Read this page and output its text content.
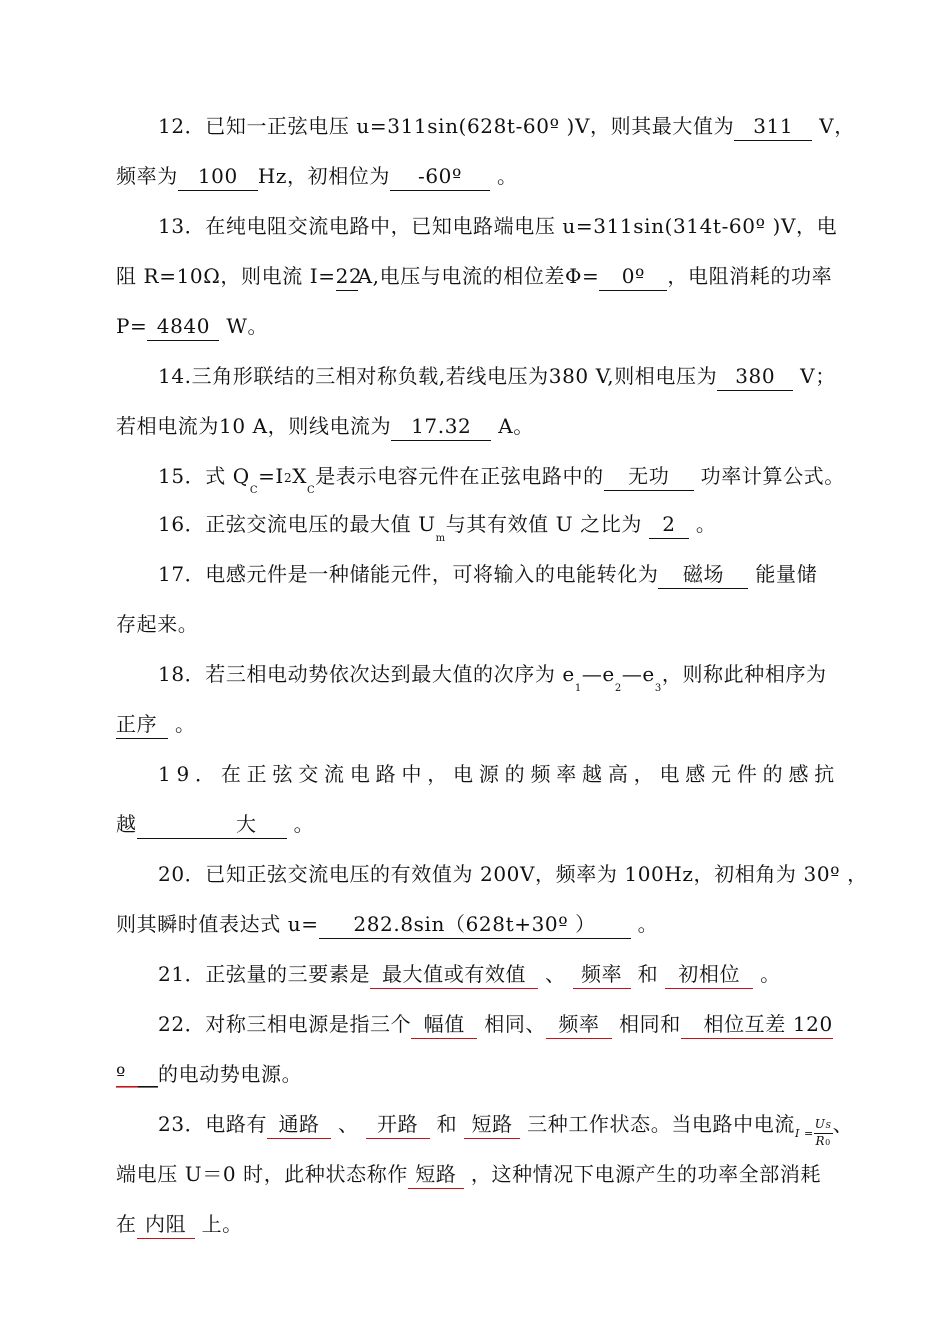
12．已知一正弦电压 u=311sin(628t-60º )V，则其最大值为 311 V，
频率为 100 Hz，初相位为 -60º 。
13．在纯电阻交流电路中，已知电路端电压 u=311sin(314t-60º )V，电
阻 R=10Ω，则电流 I=22A,电压与电流的相位差Φ= 0º ，电阻消耗的功率
P= 4840 W。
14.三角形联结的三相对称负载,若线电压为380 V,则相电压为 380 V；
若相电流为10 A，则线电流为 17.32 A。
15．式 $Q_C=I2X_C$是表示电容元件在正弦电路中的 无功 功率计算公式。
16．正弦交流电压的最大值 $U_m$与其有效值 U 之比为 2 。
17．电感元件是一种储能元件，可将输入的电能转化为 磁场 能量储
存起来。
18．若三相电动势依次达到最大值的次序为 $e_1—e_2—e_3$，则称此种相序为
正序 。
19．在正弦交流电路中，电源的频率越高，电感元件的感抗
越	大 。
20．已知正弦交流电压的有效值为 200V，频率为 100Hz，初相角为 30º ，
则其瞬时值表达式 u= 282.8sin（628t+30º ） 。
21．正弦量的三要素是 最大值或有效值 、 频率 和 初相位 。
22．对称三相电源是指三个 幅值 相同、 频率 相同和 相位互差 120
º 的电动势电源。
23．电路有 通路 、 开路 和 短路 三种工作状态。当电路中电流$_{I =} \frac{US}{R0}$ 、
端电压 U＝0 时，此种状态称作 短路 ，这种情况下电源产生的功率全部消耗
在 内阻 上。
